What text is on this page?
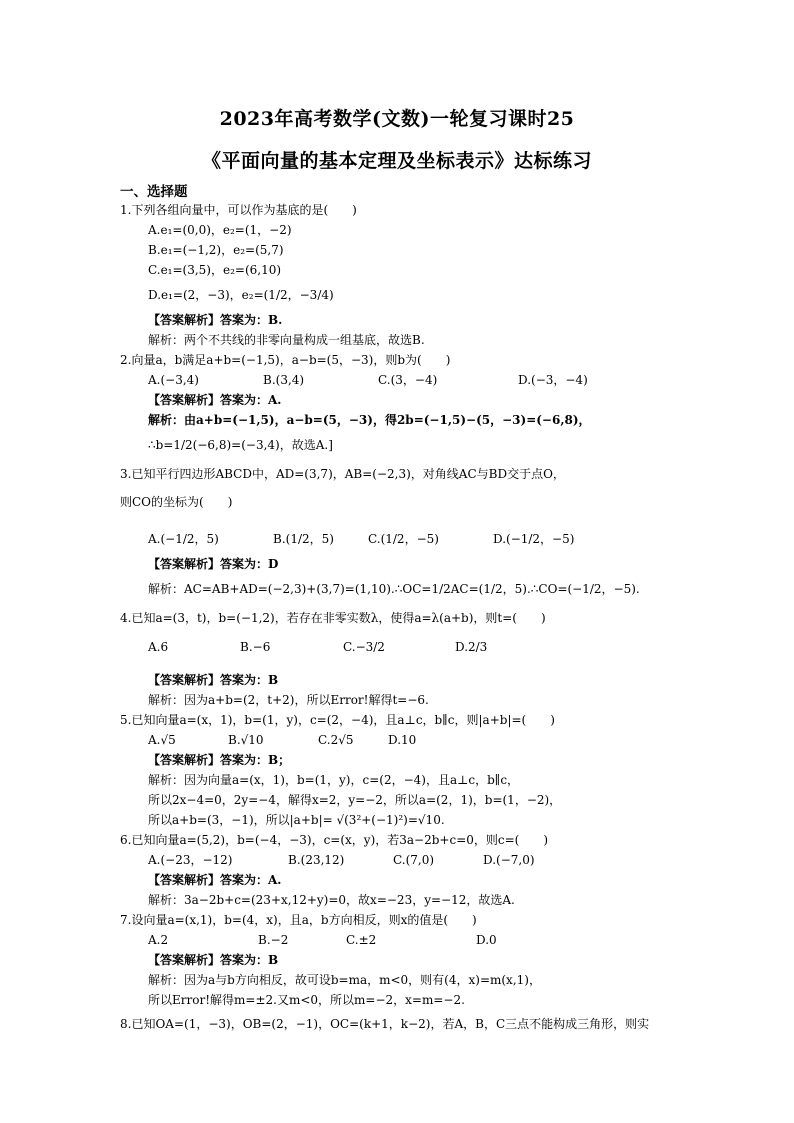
2023年高考数学(文数)一轮复习课时25
《平面向量的基本定理及坐标表示》达标练习
一、选择题
1.下列各组向量中，可以作为基底的是(　　)
A.e₁=(0,0)，e₂=(1，−2)
B.e₁=(−1,2)，e₂=(5,7)
C.e₁=(3,5)，e₂=(6,10)
D.e₁=(2，−3)，e₂=(1/2，−3/4)
【答案解析】答案为：B.
解析：两个不共线的非零向量构成一组基底，故选B.
2.向量a，b满足a+b=(−1,5)，a−b=(5，−3)，则b为(　　)
A.(−3,4)	B.(3,4)	C.(3，−4)	D.(−3，−4)
【答案解析】答案为：A.
解析：由a+b=(−1,5)，a−b=(5，−3)，得2b=(−1,5)−(5，−3)=(−6,8)，
∴b=1/2(−6,8)=(−3,4)，故选A.]
3.已知平行四边形ABCD中，AD=(3,7)，AB=(−2,3)，对角线AC与BD交于点O，
则CO的坐标为(　　)
A.(−1/2，5)	B.(1/2，5)	C.(1/2，−5)	D.(−1/2，−5)
【答案解析】答案为：D
解析：AC=AB+AD=(−2,3)+(3,7)=(1,10).∴OC=1/2AC=(1/2，5).∴CO=(−1/2，−5).
4.已知a=(3，t)，b=(−1,2)，若存在非零实数λ，使得a=λ(a+b)，则t=(　　)
A.6	B.−6	C.−3/2	D.2/3
【答案解析】答案为：B
解析：因为a+b=(2，t+2)，所以Error!解得t=−6.
5.已知向量a=(x，1)，b=(1，y)，c=(2，−4)，且a⊥c，b∥c，则|a+b|=(　　)
A.√5	B.√10	C.2√5	D.10
【答案解析】答案为：B；
解析：因为向量a=(x，1)，b=(1，y)，c=(2，−4)，且a⊥c，b∥c，
所以2x−4=0，2y=−4，解得x=2，y=−2，所以a=(2，1)，b=(1，−2)，
所以a+b=(3，−1)，所以|a+b|= √(3²+(−1)²)=√10.
6.已知向量a=(5,2)，b=(−4，−3)，c=(x，y)，若3a−2b+c=0，则c=(　　)
A.(−23，−12)	B.(23,12)	C.(7,0)	D.(−7,0)
【答案解析】答案为：A.
解析：3a−2b+c=(23+x,12+y)=0，故x=−23，y=−12，故选A.
7.设向量a=(x,1)，b=(4，x)，且a，b方向相反，则x的值是(　　)
A.2	B.−2	C.±2	D.0
【答案解析】答案为：B
解析：因为a与b方向相反，故可设b=ma，m<0，则有(4，x)=m(x,1)，
所以Error!解得m=±2.又m<0，所以m=−2，x=m=−2.
8.已知OA=(1，−3)，OB=(2，−1)，OC=(k+1，k−2)，若A，B，C三点不能构成三角形，则实
